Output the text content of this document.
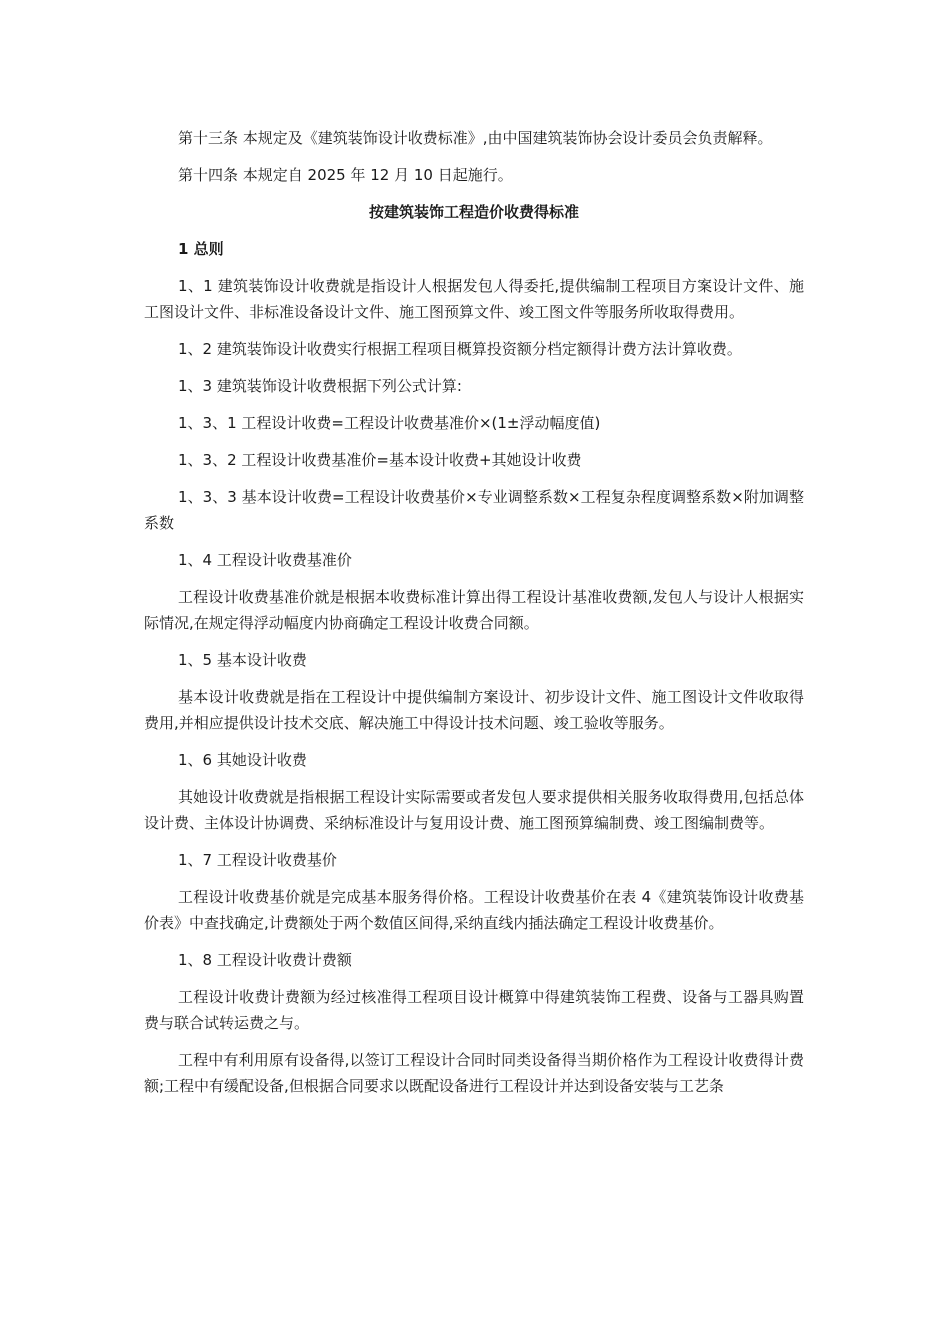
第十三条 本规定及《建筑装饰设计收费标准》,由中国建筑装饰协会设计委员会负责解释。

第十四条 本规定自 2025 年 12 月 10 日起施行。

按建筑装饰工程造价收费得标准

1 总则

1、1 建筑装饰设计收费就是指设计人根据发包人得委托,提供编制工程项目方案设计文件、施工图设计文件、非标准设备设计文件、施工图预算文件、竣工图文件等服务所收取得费用。

1、2 建筑装饰设计收费实行根据工程项目概算投资额分档定额得计费方法计算收费。

1、3 建筑装饰设计收费根据下列公式计算:

1、3、1 工程设计收费=工程设计收费基准价×(1±浮动幅度值)

1、3、2 工程设计收费基准价=基本设计收费+其她设计收费

1、3、3 基本设计收费=工程设计收费基价×专业调整系数×工程复杂程度调整系数×附加调整系数

1、4 工程设计收费基准价

工程设计收费基准价就是根据本收费标准计算出得工程设计基准收费额,发包人与设计人根据实际情况,在规定得浮动幅度内协商确定工程设计收费合同额。

1、5 基本设计收费

基本设计收费就是指在工程设计中提供编制方案设计、初步设计文件、施工图设计文件收取得费用,并相应提供设计技术交底、解决施工中得设计技术问题、竣工验收等服务。

1、6 其她设计收费

其她设计收费就是指根据工程设计实际需要或者发包人要求提供相关服务收取得费用,包括总体设计费、主体设计协调费、采纳标准设计与复用设计费、施工图预算编制费、竣工图编制费等。

1、7 工程设计收费基价

工程设计收费基价就是完成基本服务得价格。工程设计收费基价在表 4《建筑装饰设计收费基价表》中查找确定,计费额处于两个数值区间得,采纳直线内插法确定工程设计收费基价。

1、8 工程设计收费计费额

工程设计收费计费额为经过核准得工程项目设计概算中得建筑装饰工程费、设备与工器具购置费与联合试转运费之与。

工程中有利用原有设备得,以签订工程设计合同时同类设备得当期价格作为工程设计收费得计费额;工程中有缓配设备,但根据合同要求以既配设备进行工程设计并达到设备安装与工艺条
